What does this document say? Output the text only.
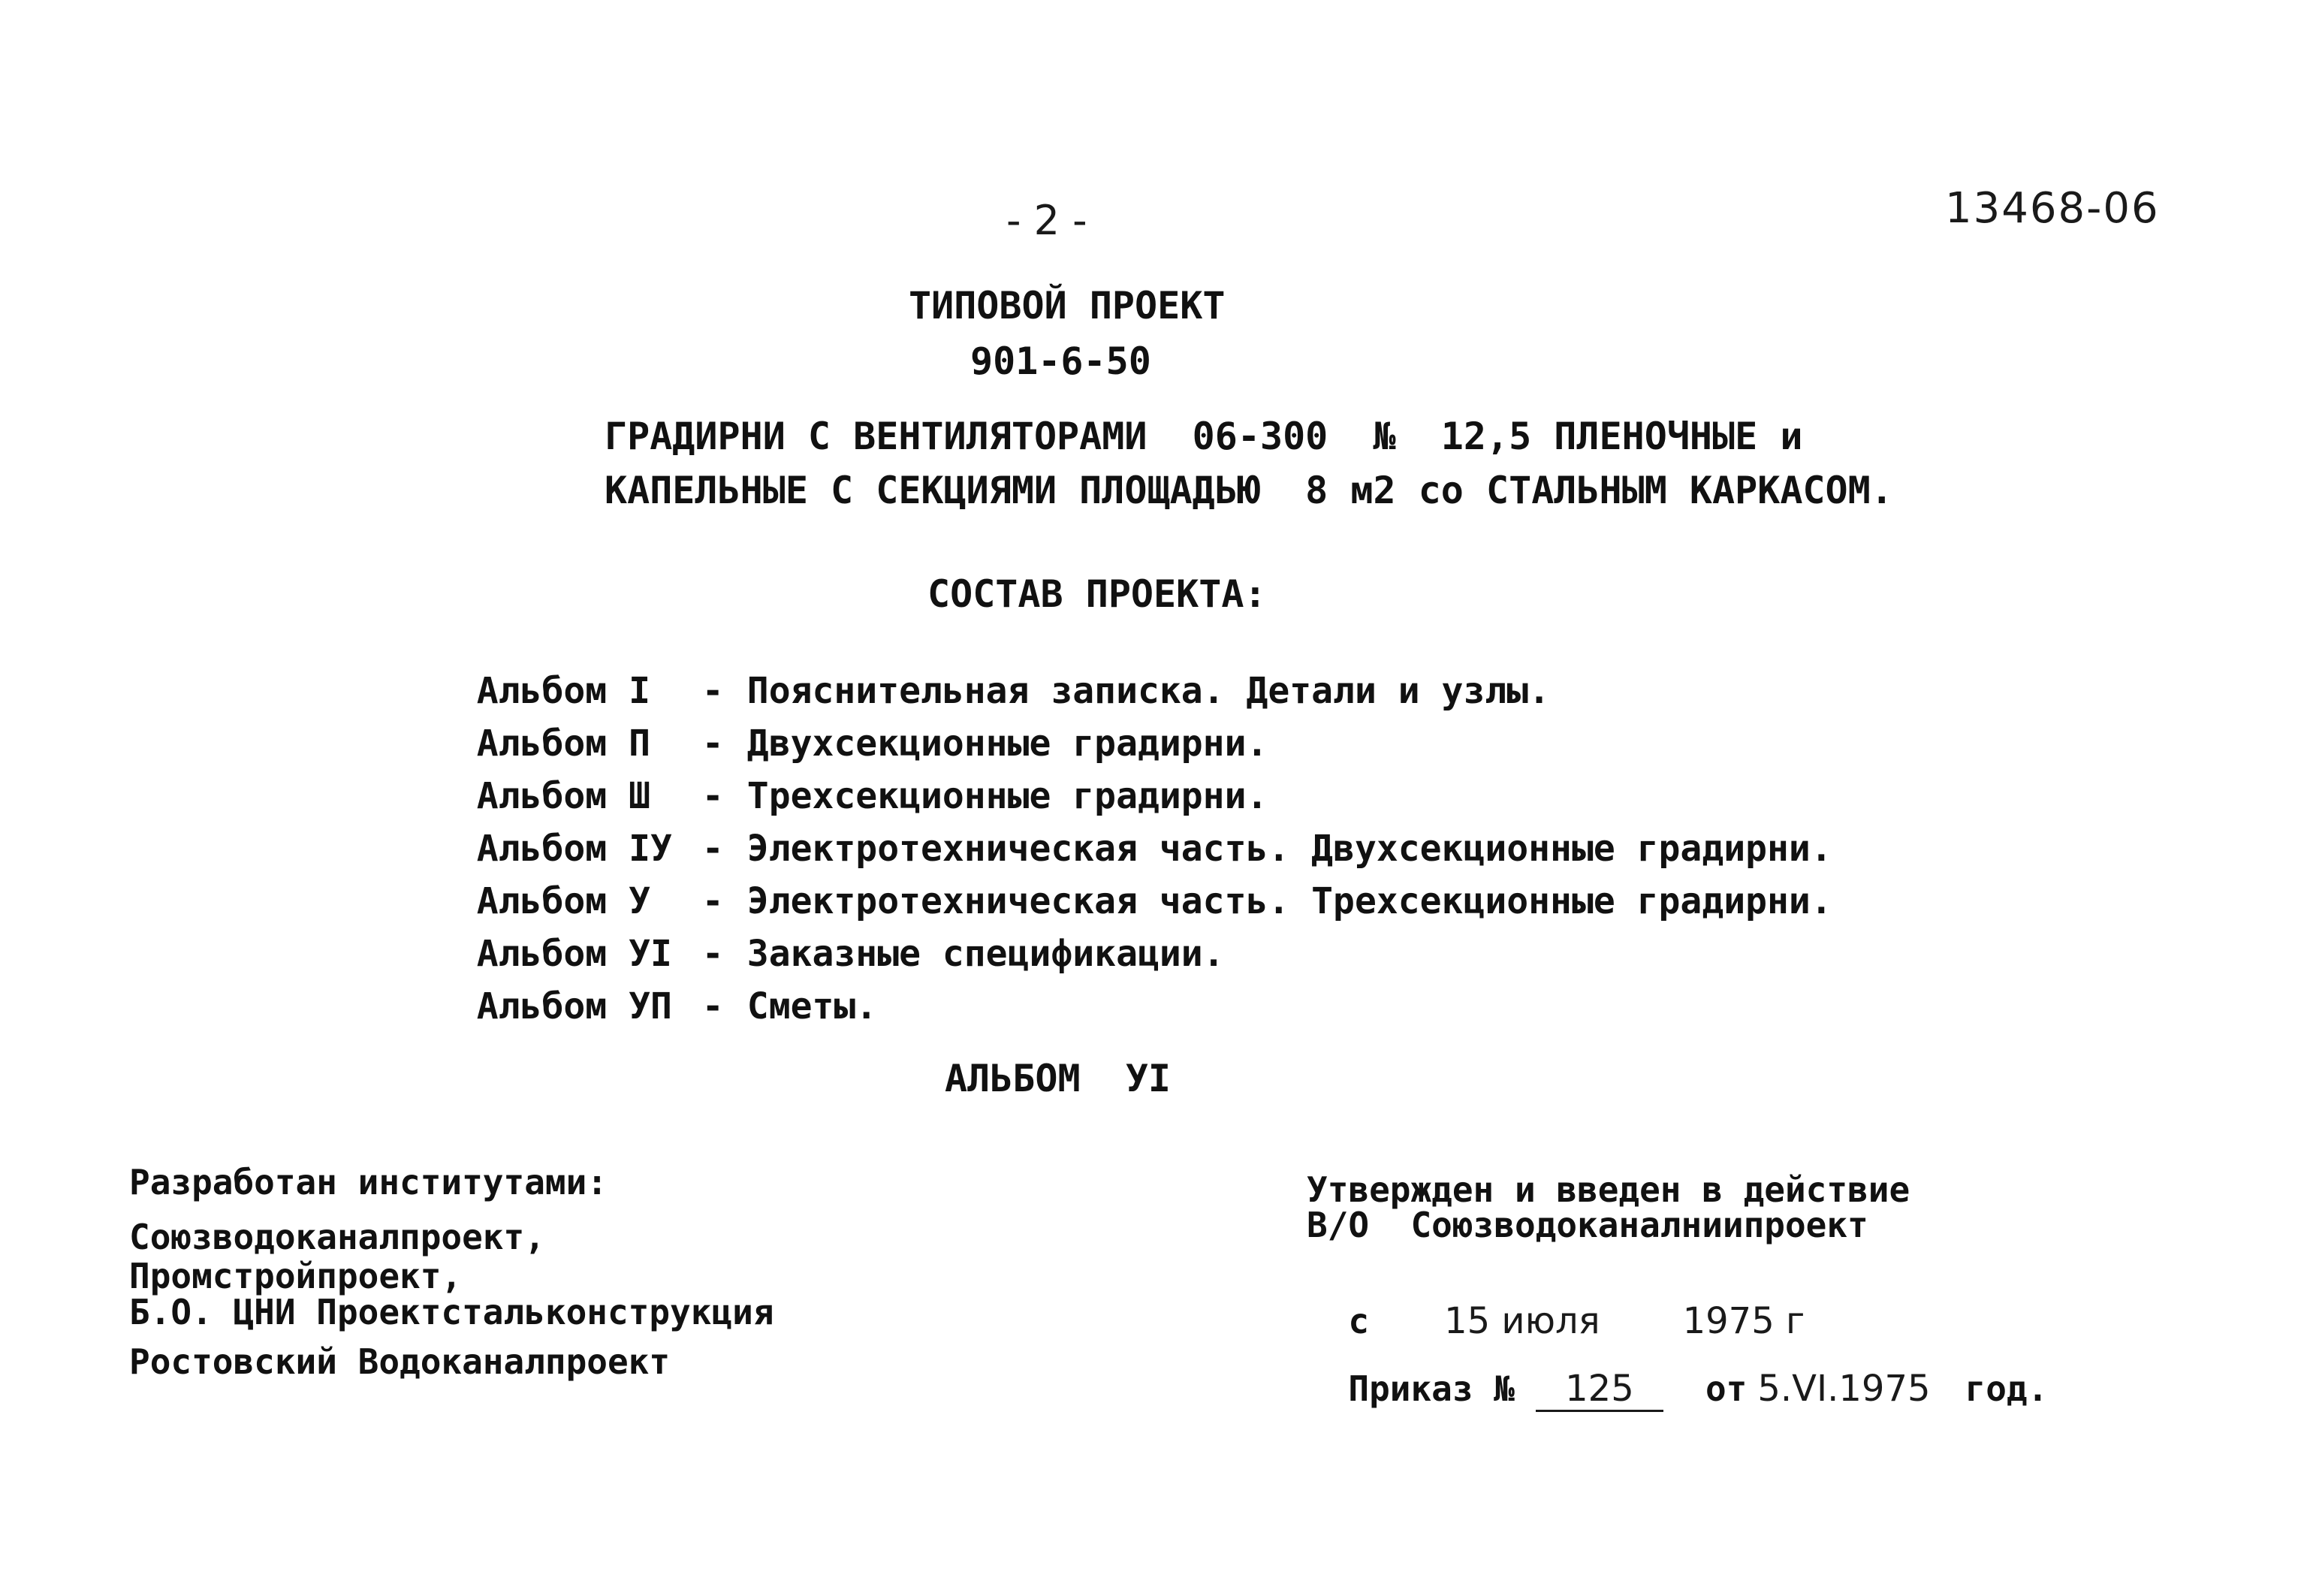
- 2 -	13468-06
ТИПОВОЙ ПРОЕКТ
901-6-50
ГРАДИРНИ С ВЕНТИЛЯТОРАМИ  06-300  №  12,5 ПЛЕНОЧНЫЕ и
КАПЕЛЬНЫЕ С СЕКЦИЯМИ ПЛОЩАДЬЮ  8 м2 со СТАЛЬНЫМ КАРКАСОМ.
СОСТАВ ПРОЕКТА:

Альбом I - Пояснительная записка. Детали и узлы.

Альбом П - Двухсекционные градирни.

Альбом Ш - Трехсекционные градирни.

Альбом IУ - Электротехническая часть. Двухсекционные градирни.

Альбом У - Электротехническая часть. Трехсекционные градирни.

Альбом УI - Заказные спецификации.

Альбом УП - Сметы.

АЛЬБОМ  УI
Разработан институтами:
Союзводоканалпроект,
Промстройпроект,
Б.О. ЦНИ Проектстальконструкция
Ростовский Водоканалпроект
Утвержден и введен в действие
В/О  Союзводоканалниипроект

с 15 июля 1975 г

Приказ № 125 от 5.VI.1975 год.
